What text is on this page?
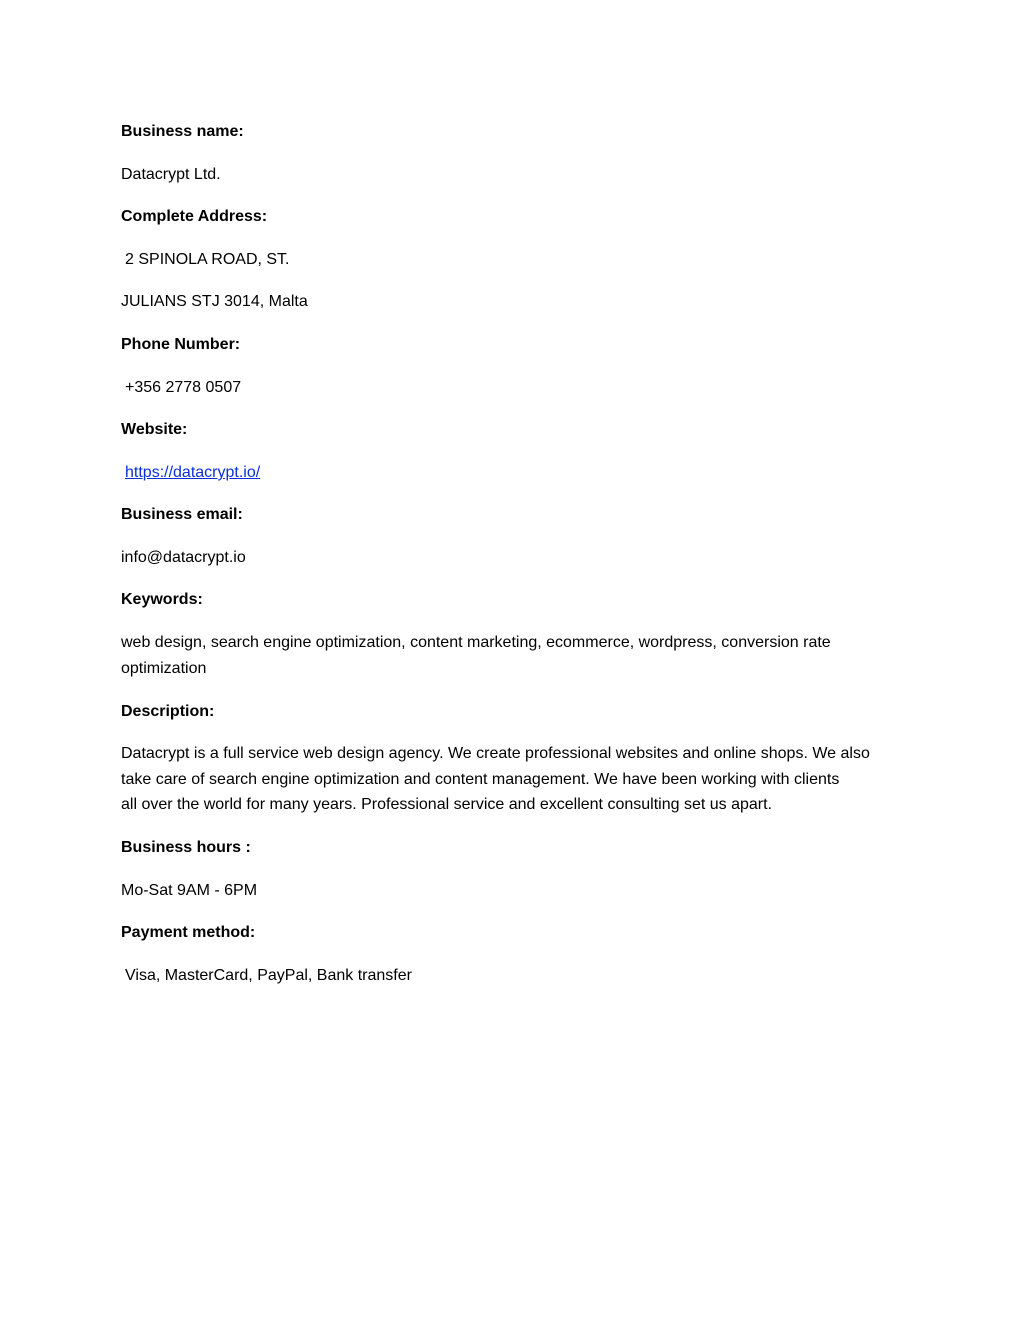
Business name:

Datacrypt Ltd.

Complete Address:

2 SPINOLA ROAD, ST.

JULIANS STJ 3014, Malta

Phone Number:

+356 2778 0507

Website:

https://datacrypt.io/

Business email:

info@datacrypt.io

Keywords:

web design, search engine optimization, content marketing, ecommerce, wordpress, conversion rate

optimization

Description:

Datacrypt is a full service web design agency. We create professional websites and online shops. We also

take care of search engine optimization and content management. We have been working with clients

all over the world for many years. Professional service and excellent consulting set us apart.

Business hours :

Mo-Sat 9AM - 6PM

Payment method:

Visa, MasterCard, PayPal, Bank transfer
